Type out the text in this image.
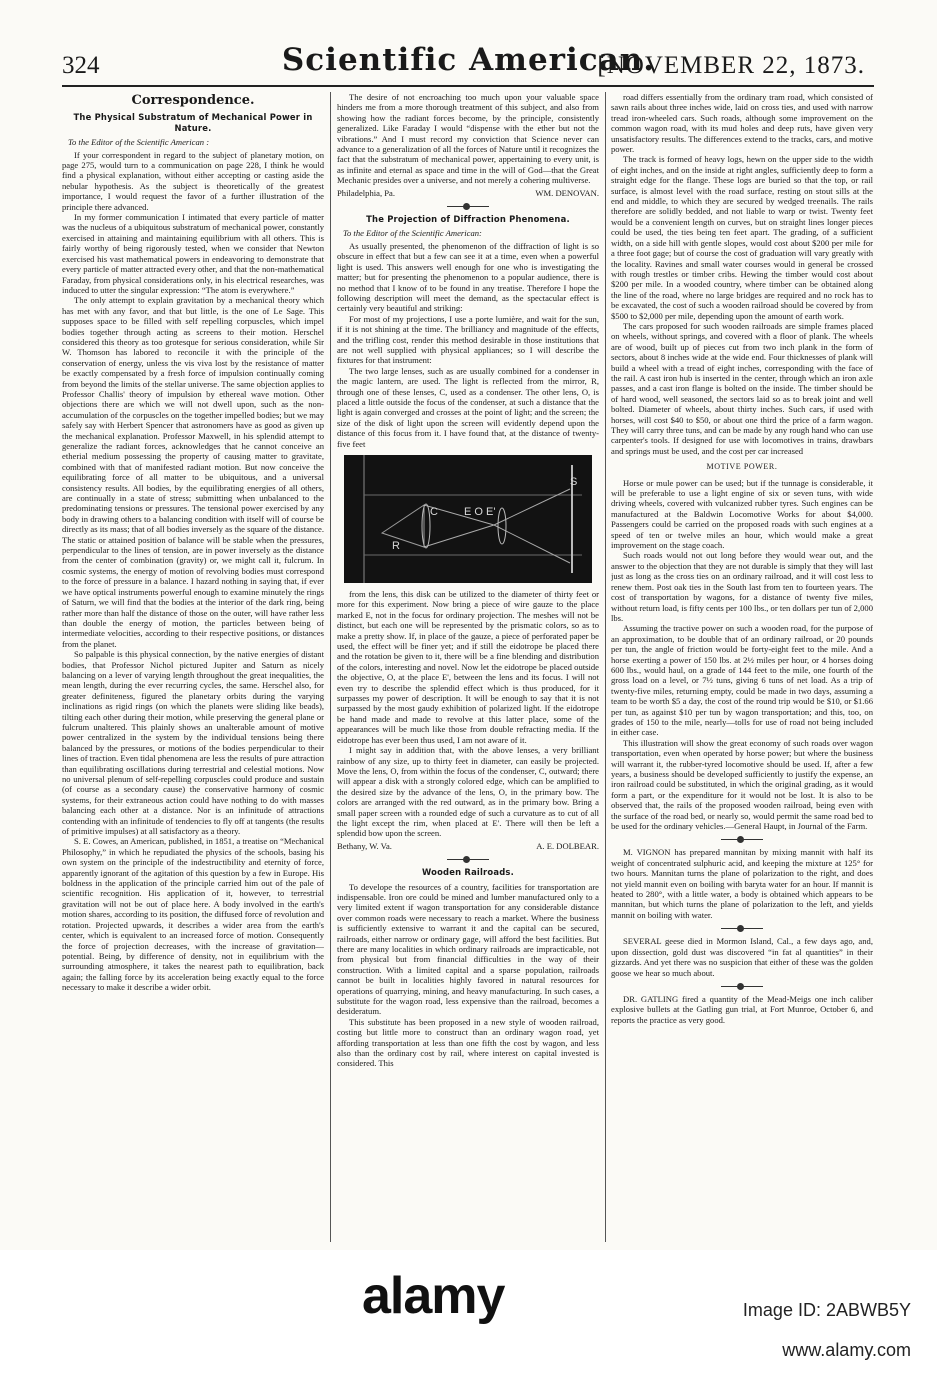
324	Scientific American.
[NOVEMBER 22, 1873.
Correspondence.
The Physical Substratum of Mechanical Power in Nature.
To the Editor of the Scientific American :

If your correspondent in regard to the subject of planetary motion, on page 275, would turn to a communication on page 228, I think he would find a physical explanation, without either accepting or casting aside the nebular hypothesis. As the subject is theoretically of the greatest importance, I would request the favor of a further illustration of the principle there advanced.

In my former communication I intimated that every particle of matter was the nucleus of a ubiquitous substratum of mechanical power, constantly exercised in attaining and maintaining equilibrium with all others. This is fairly worthy of being rigorously tested, when we consider that Newton exercised his vast mathematical powers in endeavoring to demonstrate that every particle of matter attracted every other, and that the non-mathematical Faraday, from physical considerations only, in his electrical researches, was induced to utter the singular expression: “The atom is everywhere.”

The only attempt to explain gravitation by a mechanical theory which has met with any favor, and that but little, is the one of Le Sage. This supposes space to be filled with self repelling corpuscles, which impel bodies together through acting as screens to their motion. Herschel considered this theory as too grotesque for serious consideration, while Sir W. Thomson has labored to reconcile it with the principle of the conservation of energy, unless the vis viva lost by the resistance of matter be exactly compensated by a fresh force of impulsion continually coming from beyond the limits of the stellar universe. The same objection applies to Professor Challis' theory of impulsion by ethereal wave motion. Other objections there are which we will not dwell upon, such as the non-accumulation of the corpuscles on the together impelled bodies; but we may safely say with Herbert Spencer that astronomers have as good as given up the mechanical explanation. Professor Maxwell, in his splendid attempt to generalize the radiant forces, acknowledges that he cannot conceive an etherial medium possessing the property of causing matter to gravitate, combined with that of manifested radiant motion. But now conceive the equilibrating force of all matter to be ubiquitous, and a universal consistency results. All bodies, by the equilibrating energies of all others, are continually in a state of stress; submitting when unbalanced to the predominating tensions or pressures. The tensional power exercised by any body in drawing others to a balancing condition with itself will of course be directly as its mass; that of all bodies inversely as the square of the distance. The static or attained position of balance will be stable when the pressures, perpendicular to the lines of tension, are in power inversely as the distance from the center of combination (gravity) or, we might call it, fulcrum. In cosmic systems, the energy of motion of revolving bodies must correspond to the force of pressure in a balance. I hazard nothing in saying that, if ever we have optical instruments powerful enough to examine minutely the rings of Saturn, we will find that the bodies at the interior of the dark ring, being rather more than half the distance of those on the outer, will have rather less than double the energy of motion, the particles between being of intermediate velocities, according to their respective positions, or distances from the planet.

So palpable is this physical connection, by the native energies of distant bodies, that Professor Nichol pictured Jupiter and Saturn as nicely balancing on a lever of varying length throughout the great inequalities, the mean length, during the ever recurring cycles, the same. Herschel also, for greater definiteness, figured the planetary orbits during the varying inclinations as rigid rings (on which the planets were sliding like beads), tilting each other during their motion, while preserving the general plane or fulcrum unaltered. This plainly shows an unalterable amount of motive power centralized in the system by the individual tensions being there balanced by the pressures, or motions of the bodies perpendicular to their lines of traction. Even tidal phenomena are less the results of pure attraction than equilibrating oscillations during terrestrial and celestial motions. Now no universal plenum of self-repelling corpuscles could produce and sustain (of course as a secondary cause) the conservative harmony of cosmic systems, for their extraneous action could have nothing to do with masses balancing each other at a distance. Nor is an infinitude of attractions contending with an infinitude of tendencies to fly off at tangents (the results of primitive impulses) at all satisfactory as a theory.

S. E. Cowes, an American, published, in 1851, a treatise on “Mechanical Philosophy,” in which he repudiated the physics of the schools, basing his own system on the principle of the indestructibility and eternity of force, apparently ignorant of the agitation of this question by a few in Europe. His boldness in the application of the principle carried him out of the pale of scientific recognition. His application of it, however, to terrestrial gravitation will not be out of place here. A body involved in the earth's motion shares, according to its position, the diffused force of revolution and rotation. Projected upwards, it describes a wider area from the earth's center, which is equivalent to an increased force of motion. Consequently the force of projection decreases, with the increase of gravitation—potential. Being, by difference of density, not in equilibrium with the surrounding atmosphere, it takes the nearest path to equilibration, back again; the falling force by its acceleration being exactly equal to the force necessary to make it describe a wider orbit.

The desire of not encroaching too much upon your valuable space hinders me from a more thorough treatment of this subject, and also from showing how the radiant forces become, by the principle, consistently generalized. Like Faraday I would “dispense with the ether but not the vibrations.” And I must record my conviction that Science never can advance to a generalization of all the forces of Nature until it recognizes the fact that the substratum of mechanical power, appertaining to every unit, is as infinite and eternal as space and time in the will of God—that the Great Mechanic presides over a universe, and not merely a cohering multiverse.

Philadelphia, Pa.	WM. DENOVAN.
The Projection of Diffraction Phenomena.
To the Editor of the Scientific American:

As usually presented, the phenomenon of the diffraction of light is so obscure in effect that but a few can see it at a time, even when a powerful light is used. This answers well enough for one who is investigating the matter; but for presenting the phenomenon to a popular audience, there is no method that I know of to be found in any treatise. Therefore I hope the following description will meet the demand, as the spectacular effect is certainly very beautiful and striking:

For most of my projections, I use a porte lumière, and wait for the sun, if it is not shining at the time. The brilliancy and magnitude of the effects, and the trifling cost, render this method desirable in those institutions that are not well supplied with physical appliances; so I will describe the fixtures for that instrument:

The two large lenses, such as are usually combined for a condenser in the magic lantern, are used. The light is reflected from the mirror, R, through one of these lenses, C, used as a condenser. The other lens, O, is placed a little outside the focus of the condenser, at such a distance that the light is again converged and crosses at the point of light; and the screen; the size of the disk of light upon the screen will evidently depend upon the distance of this focus from it. I have found that, at the distance of twenty-five feet

S
C E O E'
R

from the lens, this disk can be utilized to the diameter of thirty feet or more for this experiment. Now bring a piece of wire gauze to the place marked E, not in the focus for ordinary projection. The meshes will not be distinct, but each one will be represented by the prismatic colors, so as to make a pretty show. If, in place of the gauze, a piece of perforated paper be used, the effect will be finer yet; and if still the eidotrope be placed there and the rotation be given to it, there will be a fine blending and distribution of the colors, interesting and novel. Now let the eidotrope be placed outside the objective, O, at the place E', between the lens and its focus. I will not even try to describe the splendid effect which is thus produced, for it surpasses my power of description. It will be enough to say that it is not surpassed by the most gaudy exhibition of polarized light. If the eidotrope be hand made and made to revolve at this latter place, some of the appearances will be much like those from double refracting media. If the eidotrope has ever been thus used, I am not aware of it.

I might say in addition that, with the above lenses, a very brilliant rainbow of any size, up to thirty feet in diameter, can easily be projected. Move the lens, O, from within the focus of the condenser, C, outward; there will appear a disk with a strongly colored edge, which can be amplified to the desired size by the advance of the lens, O, in the primary bow. The colors are arranged with the red outward, as in the primary bow. Bring a small paper screen with a rounded edge of such a curvature as to cut of all the light except the rim, when placed at E'. There will then be left a splendid bow upon the screen.

Bethany, W. Va.	A. E. DOLBEAR.
Wooden Railroads.

To develope the resources of a country, facilities for transportation are indispensable. Iron ore could be mined and lumber manufactured only to a very limited extent if wagon transportation for any considerable distance over common roads were necessary to reach a market. Where the business is sufficiently extensive to warrant it and the capital can be secured, railroads, either narrow or ordinary gage, will afford the best facilities. But there are many localities in which ordinary railroads are impracticable, not from physical but from financial difficulties in the way of their construction. With a limited capital and a sparse population, railroads cannot be built in localities highly favored in natural resources for operations of quarrying, mining, and heavy manufacturing. In such cases, a substitute for the wagon road, less expensive than the railroad, becomes a desideratum.

This substitute has been proposed in a new style of wooden railroad, costing but little more to construct than an ordinary wagon road, yet affording transportation at less than one fifth the cost by wagon, and less also than the ordinary cost by rail, where interest on capital invested is considered. This

road differs essentially from the ordinary tram road, which consisted of sawn rails about three inches wide, laid on cross ties, and used with narrow tread iron-wheeled cars. Such roads, although some improvement on the common wagon road, with its mud holes and deep ruts, have given very unsatisfactory results. The differences extend to the tracks, cars, and motive power.

The track is formed of heavy logs, hewn on the upper side to the width of eight inches, and on the inside at right angles, sufficiently deep to form a straight edge for the flange. These logs are buried so that the top, or rail surface, is almost level with the road surface, resting on stout sills at the end and middle, to which they are secured by wedged treenails. The rails therefore are solidly bedded, and not liable to warp or twist. Twenty feet would be a convenient length on curves, but on straight lines longer pieces could be used, the ties being ten feet apart. The grading, of a sufficient width, on a side hill with gentle slopes, would cost about $200 per mile for a three foot gage; but of course the cost of graduation will vary greatly with the locality. Ravines and small water courses would in general be crossed with rough trestles or timber cribs. Hewing the timber would cost about $200 per mile. In a wooded country, where timber can be obtained along the line of the road, where no large bridges are required and no rock has to be excavated, the cost of such a wooden railroad should be covered by from $500 to $2,000 per mile, depending upon the amount of earth work.

The cars proposed for such wooden railroads are simple frames placed on wheels, without springs, and covered with a floor of plank. The wheels are of wood, built up of pieces cut from two inch plank in the form of sectors, about 8 inches wide at the wide end. Four thicknesses of plank will build a wheel with a tread of eight inches, corresponding with the face of the rail. A cast iron hub is inserted in the center, through which an iron axle passes, and a cast iron flange is bolted on the inside. The timber should be of hard wood, well seasoned, the sectors laid so as to break joint and well bolted. Diameter of wheels, about thirty inches. Such cars, if used with horses, will cost $40 to $50, or about one third the price of a farm wagon. They will carry three tuns, and can be made by any rough hand who can use carpenter's tools. If designed for use with locomotives in trains, drawbars and springs must be used, and the cost per car increased

MOTIVE POWER.

Horse or mule power can be used; but if the tunnage is considerable, it will be preferable to use a light engine of six or seven tuns, with wide driving wheels, covered with vulcanized rubber tyres. Such engines can be manufactured at the Baldwin Locomotive Works for about $4,000. Passengers could be carried on the proposed roads with such engines at a speed of ten or twelve miles an hour, which would make a great improvement on the stage coach.

Such roads would not out long before they would wear out, and the answer to the objection that they are not durable is simply that they will last just as long as the cross ties on an ordinary railroad, and it will cost less to renew them. Post oak ties in the South last from ten to fourteen years. The cost of transportation by wagons, for a distance of twenty five miles, without return load, is fifty cents per 100 lbs., or ten dollars per tun of 2,000 lbs.

Assuming the tractive power on such a wooden road, for the purpose of an approximation, to be double that of an ordinary railroad, or 20 pounds per tun, the angle of friction would be forty-eight feet to the mile. And a horse exerting a power of 150 lbs. at 2½ miles per hour, or 4 horses doing 600 lbs., would haul, on a grade of 144 feet to the mile, one fourth of the gross load on a level, or 7½ tuns, giving 6 tuns of net load. As a trip of twenty-five miles, returning empty, could be made in two days, assuming a team to be worth $5 a day, the cost of the round trip would be $10, or $1.66 per tun, as against $10 per tun by wagon transportation; and this, too, on grades of 150 to the mile, nearly—tolls for use of road not being included in either case.

This illustration will show the great economy of such roads over wagon transportation, even when operated by horse power; but where the business will warrant it, the rubber-tyred locomotive should be used. If, after a few years, a business should be developed sufficiently to justify the expense, an iron railroad could be substituted, in which the original grading, as it would form a part, or the expenditure for it would not be lost. It is also to be observed that, the rails of the proposed wooden railroad, being even with the surface of the road bed, or nearly so, would permit the same road bed to be used for the ordinary vehicles.—General Haupt, in Journal of the Farm.

M. VIGNON has prepared mannitan by mixing mannit with half its weight of concentrated sulphuric acid, and keeping the mixture at 125° for two hours. Mannitan turns the plane of polarization to the right, and does not yield mannit even on boiling with baryta water for an hour. If mannit is heated to 280°, with a little water, a body is obtained which appears to be mannitan, but which turns the plane of polarization to the left, and yields mannit on boiling with water.

SEVERAL geese died in Mormon Island, Cal., a few days ago, and, upon dissection, gold dust was discovered “in fat al quantities” in their gizzards. And yet there was no suspicion that either of these was the golden goose we hear so much about.

DR. GATLING fired a quantity of the Mead-Meigs one inch caliber explosive bullets at the Gatling gun trial, at Fort Munroe, October 6, and reports the practice as very good.

alamy	Image ID: 2ABWB5Y
www.alamy.com
